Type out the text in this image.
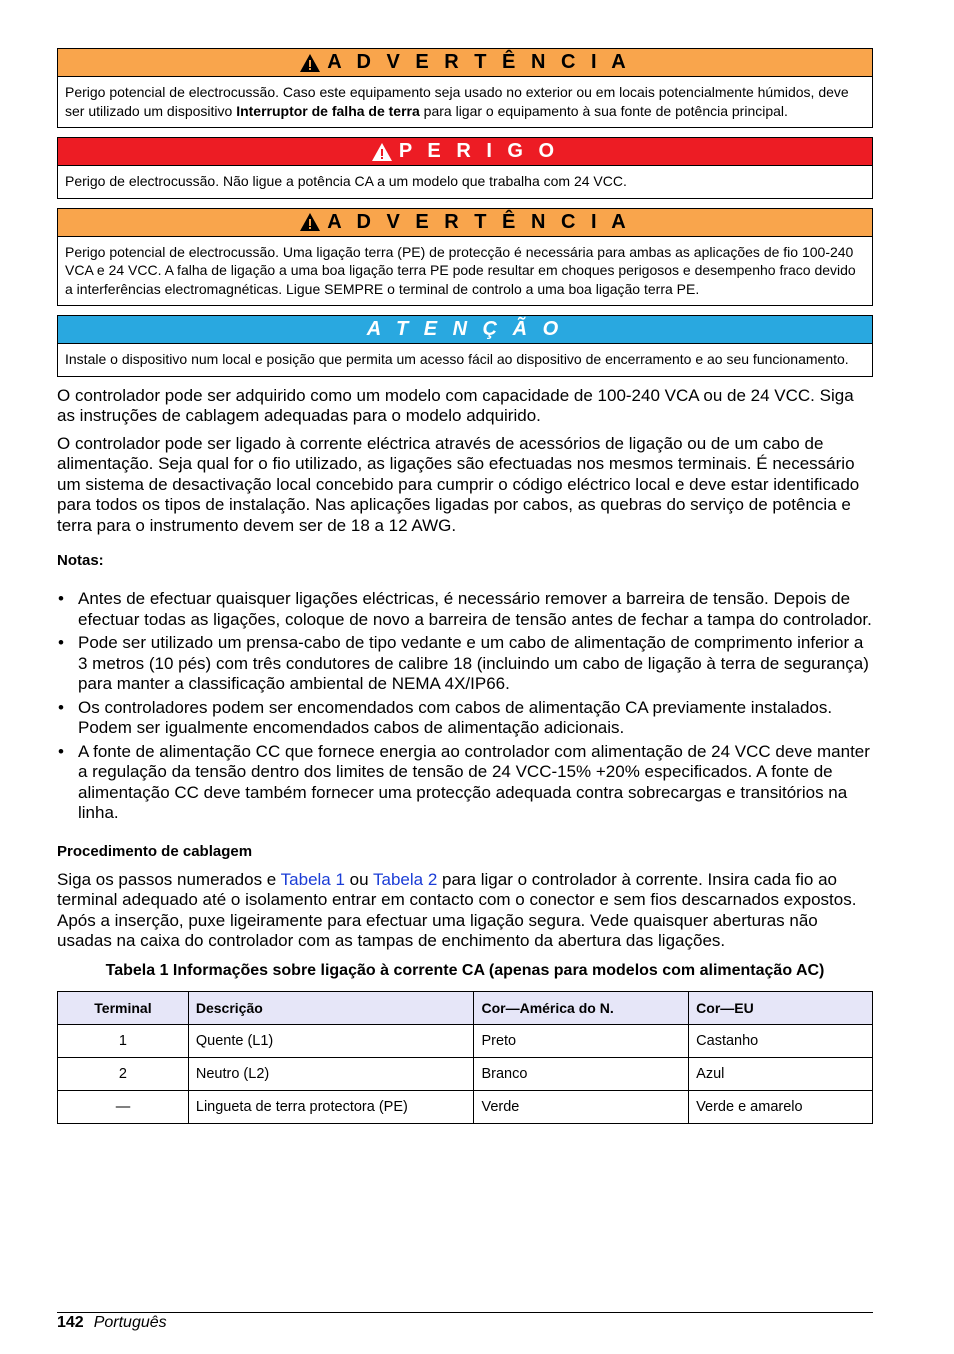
A D V E R T Ê N C I A
Perigo potencial de electrocussão. Caso este equipamento seja usado no exterior ou em locais potencialmente húmidos, deve ser utilizado um dispositivo Interruptor de falha de terra para ligar o equipamento à sua fonte de potência principal.
P E R I G O
Perigo de electrocussão. Não ligue a potência CA a um modelo que trabalha com 24 VCC.
A D V E R T Ê N C I A
Perigo potencial de electrocussão. Uma ligação terra (PE) de protecção é necessária para ambas as aplicações de fio 100-240 VCA e 24 VCC. A falha de ligação a uma boa ligação terra PE pode resultar em choques perigosos e desempenho fraco devido a interferências electromagnéticas. Ligue SEMPRE o terminal de controlo a uma boa ligação terra PE.
A T E N Ç Ã O
Instale o dispositivo num local e posição que permita um acesso fácil ao dispositivo de encerramento e ao seu funcionamento.

O controlador pode ser adquirido como um modelo com capacidade de 100-240 VCA ou de 24 VCC. Siga as instruções de cablagem adequadas para o modelo adquirido.

O controlador pode ser ligado à corrente eléctrica através de acessórios de ligação ou de um cabo de alimentação. Seja qual for o fio utilizado, as ligações são efectuadas nos mesmos terminais. É necessário um sistema de desactivação local concebido para cumprir o código eléctrico local e deve estar identificado para todos os tipos de instalação. Nas aplicações ligadas por cabos, as quebras do serviço de potência e terra para o instrumento devem ser de 18 a 12 AWG.

Notas:
• Antes de efectuar quaisquer ligações eléctricas, é necessário remover a barreira de tensão. Depois de efectuar todas as ligações, coloque de novo a barreira de tensão antes de fechar a tampa do controlador.
• Pode ser utilizado um prensa-cabo de tipo vedante e um cabo de alimentação de comprimento inferior a 3 metros (10 pés) com três condutores de calibre 18 (incluindo um cabo de ligação à terra de segurança) para manter a classificação ambiental de NEMA 4X/IP66.
• Os controladores podem ser encomendados com cabos de alimentação CA previamente instalados. Podem ser igualmente encomendados cabos de alimentação adicionais.
• A fonte de alimentação CC que fornece energia ao controlador com alimentação de 24 VCC deve manter a regulação da tensão dentro dos limites de tensão de 24 VCC-15% +20% especificados. A fonte de alimentação CC deve também fornecer uma protecção adequada contra sobrecargas e transitórios na linha.
Procedimento de cablagem

Siga os passos numerados e Tabela 1 ou Tabela 2 para ligar o controlador à corrente. Insira cada fio ao terminal adequado até o isolamento entrar em contacto com o conector e sem fios descarnados expostos. Após a inserção, puxe ligeiramente para efectuar uma ligação segura. Vede quaisquer aberturas não usadas na caixa do controlador com as tampas de enchimento da abertura das ligações.

Tabela 1 Informações sobre ligação à corrente CA (apenas para modelos com alimentação AC)
Terminal	Descrição	Cor—América do N.	Cor—EU
1	Quente (L1)	Preto	Castanho
2	Neutro (L2)	Branco	Azul
—	Lingueta de terra protectora (PE)	Verde	Verde e amarelo
142 Português
